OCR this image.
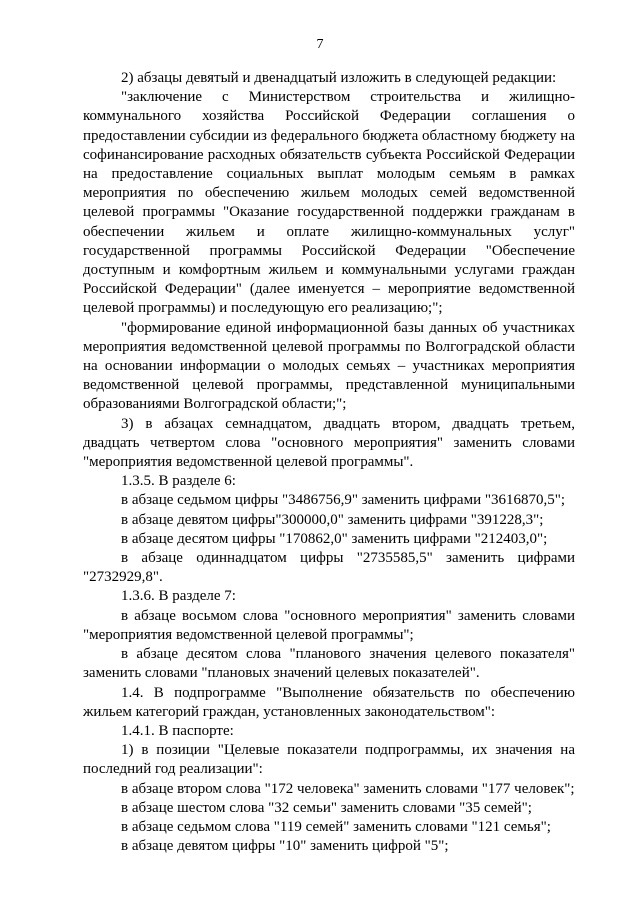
7

2) абзацы девятый и двенадцатый изложить в следующей редакции:

"заключение с Министерством строительства и жилищно-коммунального хозяйства Российской Федерации соглашения о предоставлении субсидии из федерального бюджета областному бюджету на софинансирование расходных обязательств субъекта Российской Федерации на предоставление социальных выплат молодым семьям в рамках мероприятия по обеспечению жильем молодых семей ведомственной целевой программы "Оказание государственной поддержки гражданам в обеспечении жильем и оплате жилищно-коммунальных услуг" государственной программы Российской Федерации "Обеспечение доступным и комфортным жильем и коммунальными услугами граждан Российской Федерации" (далее именуется – мероприятие ведомственной целевой программы) и последующую его реализацию;";

"формирование единой информационной базы данных об участниках мероприятия ведомственной целевой программы по Волгоградской области на основании информации о молодых семьях – участниках мероприятия ведомственной целевой программы, представленной муниципальными образованиями Волгоградской области;";

3) в абзацах семнадцатом, двадцать втором, двадцать третьем, двадцать четвертом слова "основного мероприятия" заменить словами "мероприятия ведомственной целевой программы".

1.3.5. В разделе 6:

в абзаце седьмом цифры "3486756,9" заменить цифрами "3616870,5";

в абзаце девятом цифры"300000,0" заменить цифрами "391228,3";

в абзаце десятом цифры "170862,0" заменить цифрами "212403,0";

в абзаце одиннадцатом цифры "2735585,5" заменить цифрами "2732929,8".

1.3.6. В разделе 7:

в абзаце восьмом слова "основного мероприятия" заменить словами "мероприятия ведомственной целевой программы";

в абзаце десятом слова "планового значения целевого показателя" заменить словами "плановых значений целевых показателей".

1.4. В подпрограмме "Выполнение обязательств по обеспечению жильем категорий граждан, установленных законодательством":

1.4.1. В паспорте:

1) в позиции "Целевые показатели подпрограммы, их значения на последний год реализации":

в абзаце втором слова "172 человека" заменить словами "177 человек";

в абзаце шестом слова "32 семьи" заменить словами "35 семей";

в абзаце седьмом слова "119 семей" заменить словами "121 семья";

в абзаце девятом цифры "10" заменить цифрой "5";
